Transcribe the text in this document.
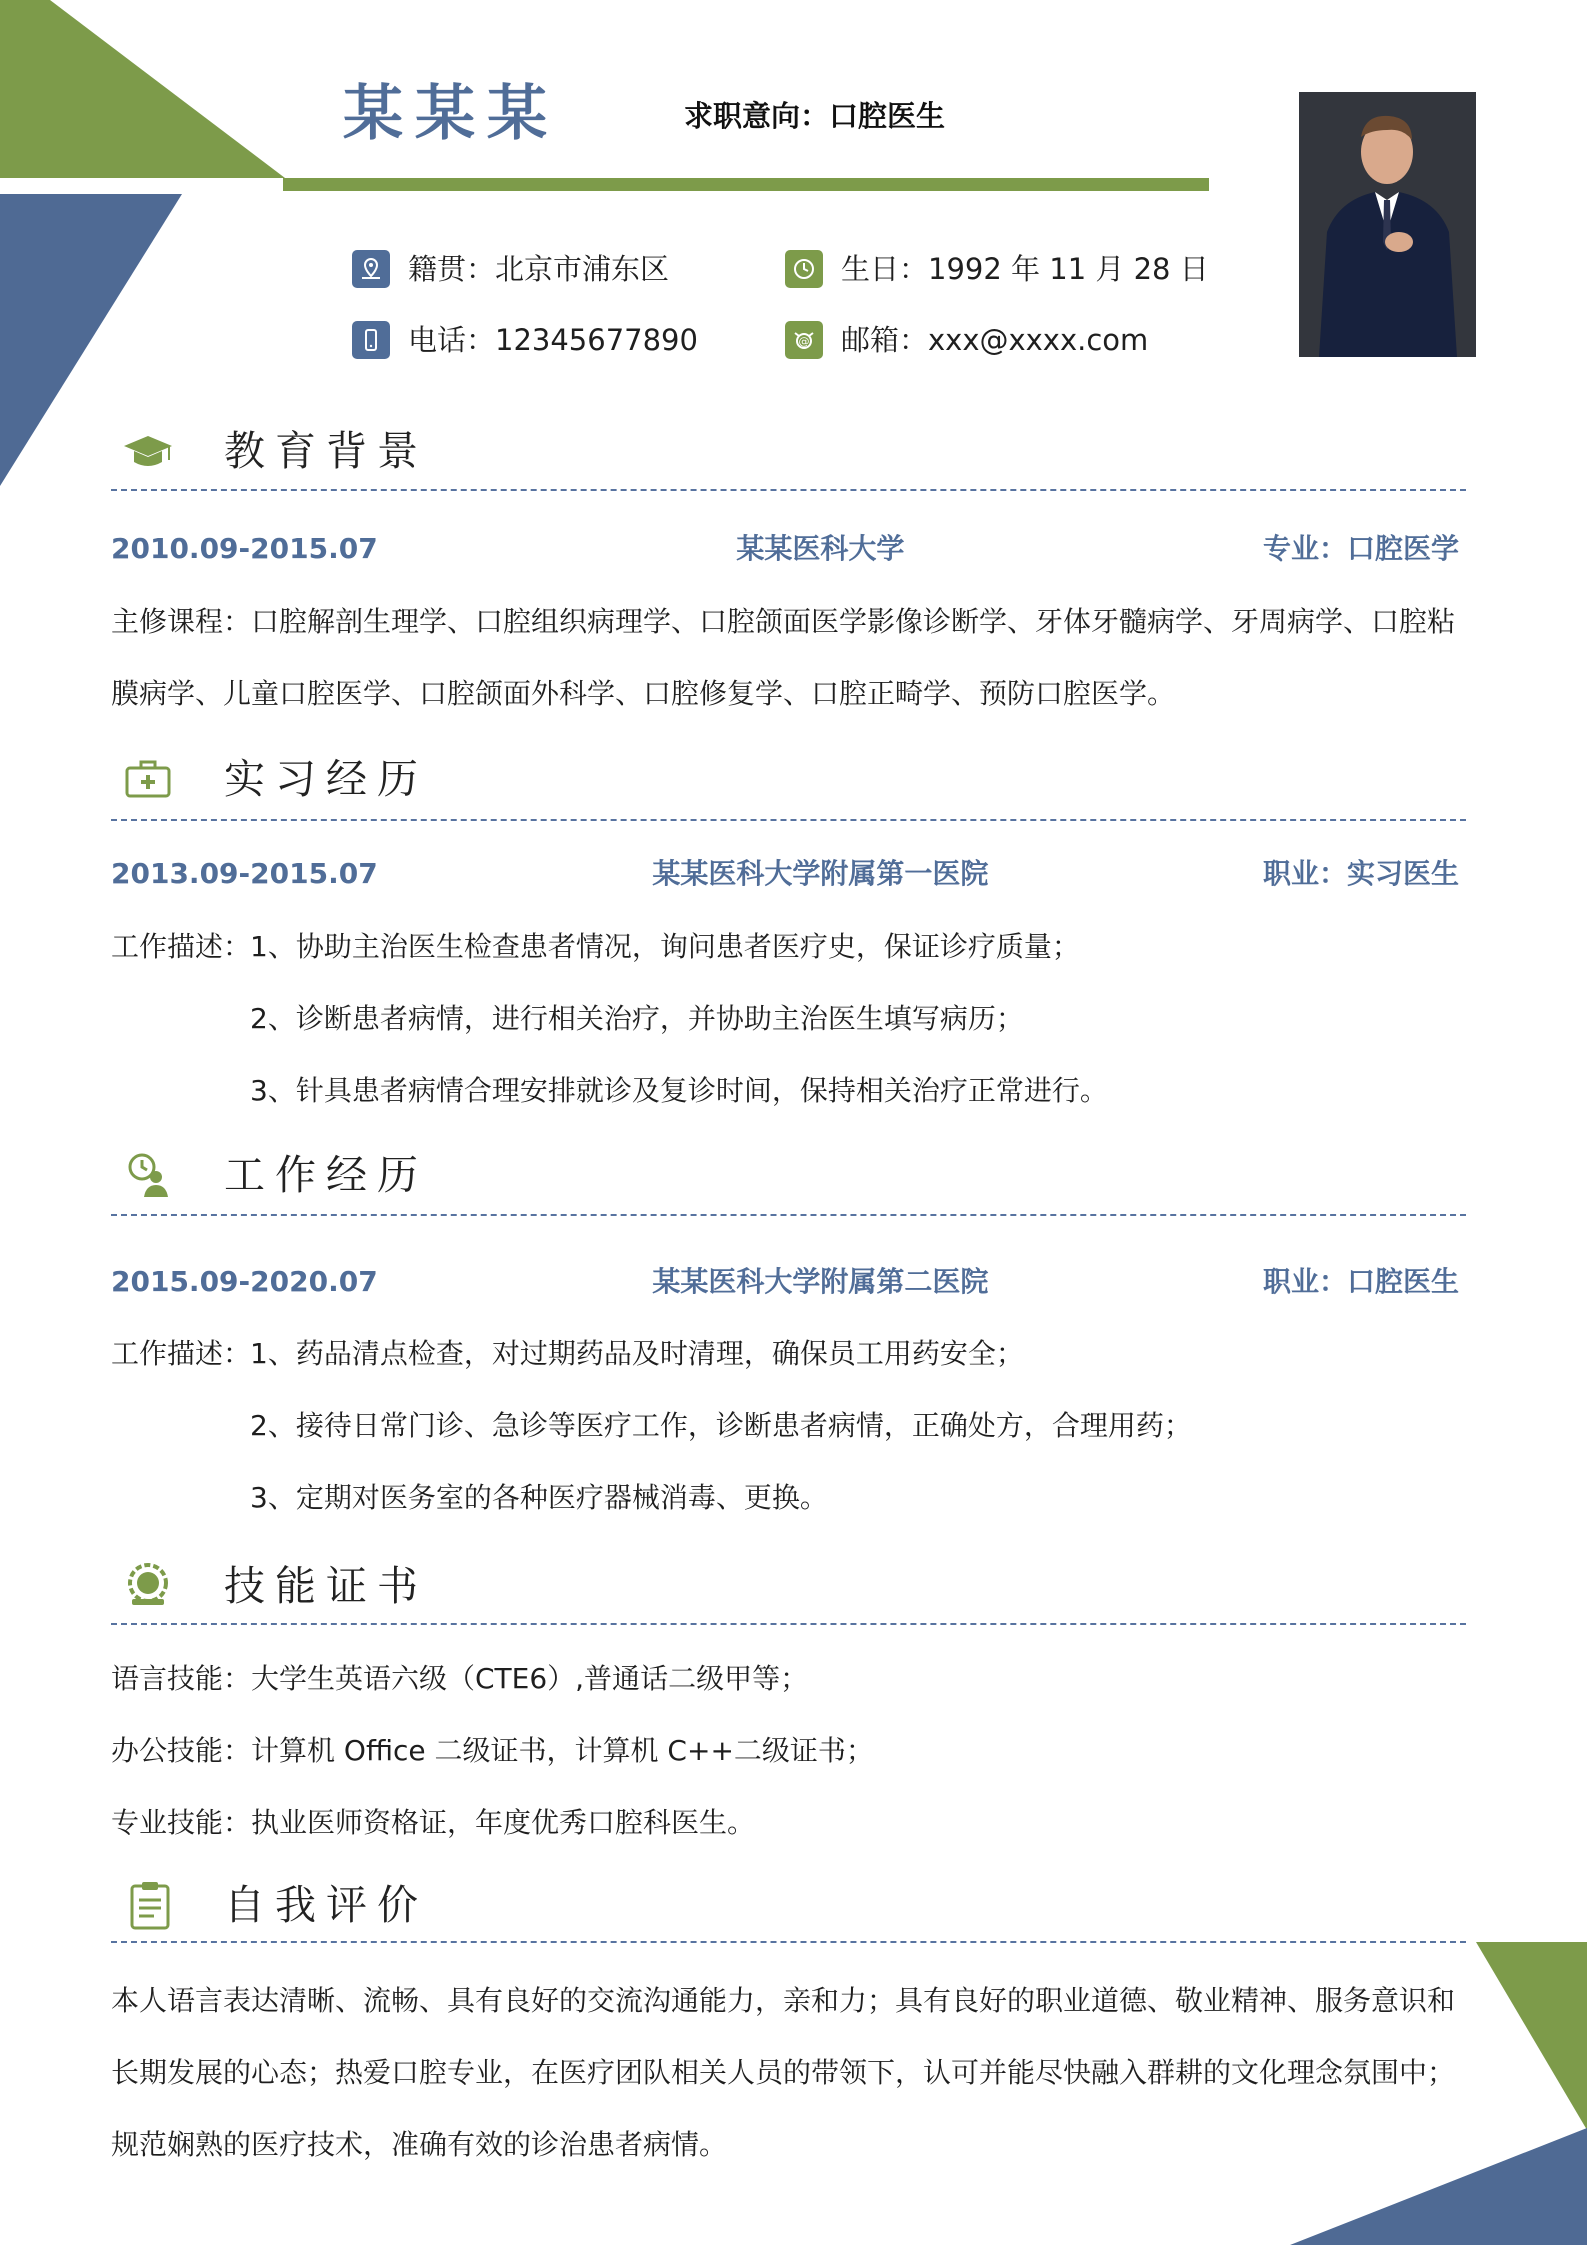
某某某	求职意向：口腔医生
籍贯：北京市浦东区	生日：1992 年 11 月 28 日
电话：12345677890	@ 邮箱：xxx@xxxx.com
教育背景
2010.09-2015.07	某某医科大学	专业：口腔医学
主修课程：口腔解剖生理学、口腔组织病理学、口腔颌面医学影像诊断学、牙体牙髓病学、牙周病学、口腔粘膜病学、儿童口腔医学、口腔颌面外科学、口腔修复学、口腔正畸学、预防口腔医学。
实习经历
2013.09-2015.07	某某医科大学附属第一医院	职业：实习医生
工作描述：
1、协助主治医生检查患者情况，询问患者医疗史，保证诊疗质量；
2、诊断患者病情，进行相关治疗，并协助主治医生填写病历；
3、针具患者病情合理安排就诊及复诊时间，保持相关治疗正常进行。
工作经历
2015.09-2020.07	某某医科大学附属第二医院	职业：口腔医生
工作描述：
1、药品清点检查，对过期药品及时清理，确保员工用药安全；
2、接待日常门诊、急诊等医疗工作，诊断患者病情，正确处方，合理用药；
3、定期对医务室的各种医疗器械消毒、更换。
技能证书
语言技能：大学生英语六级（CTE6）,普通话二级甲等；
办公技能：计算机 Office 二级证书，计算机 C++二级证书；
专业技能：执业医师资格证，年度优秀口腔科医生。
自我评价
本人语言表达清晰、流畅、具有良好的交流沟通能力，亲和力；具有良好的职业道德、敬业精神、服务意识和长期发展的心态；热爱口腔专业，在医疗团队相关人员的带领下，认可并能尽快融入群耕的文化理念氛围中；规范娴熟的医疗技术，准确有效的诊治患者病情。
